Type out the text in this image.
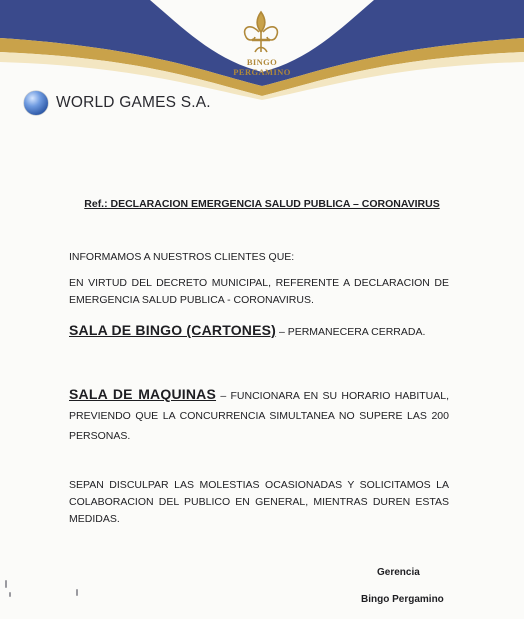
BINGO

PERGAMINO

WORLD GAMES S.A.

Ref.: DECLARACION EMERGENCIA SALUD PUBLICA – CORONAVIRUS

INFORMAMOS A NUESTROS CLIENTES QUE:

EN VIRTUD DEL DECRETO MUNICIPAL, REFERENTE A DECLARACION DE EMERGENCIA SALUD PUBLICA - CORONAVIRUS.

SALA DE BINGO (CARTONES) – PERMANECERA CERRADA.

SALA DE MAQUINAS – FUNCIONARA EN SU HORARIO HABITUAL, PREVIENDO QUE LA CONCURRENCIA SIMULTANEA NO SUPERE LAS 200 PERSONAS.

SEPAN DISCULPAR LAS MOLESTIAS OCASIONADAS Y SOLICITAMOS LA COLABORACION DEL PUBLICO EN GENERAL, MIENTRAS DUREN ESTAS MEDIDAS.

Gerencia

Bingo Pergamino
